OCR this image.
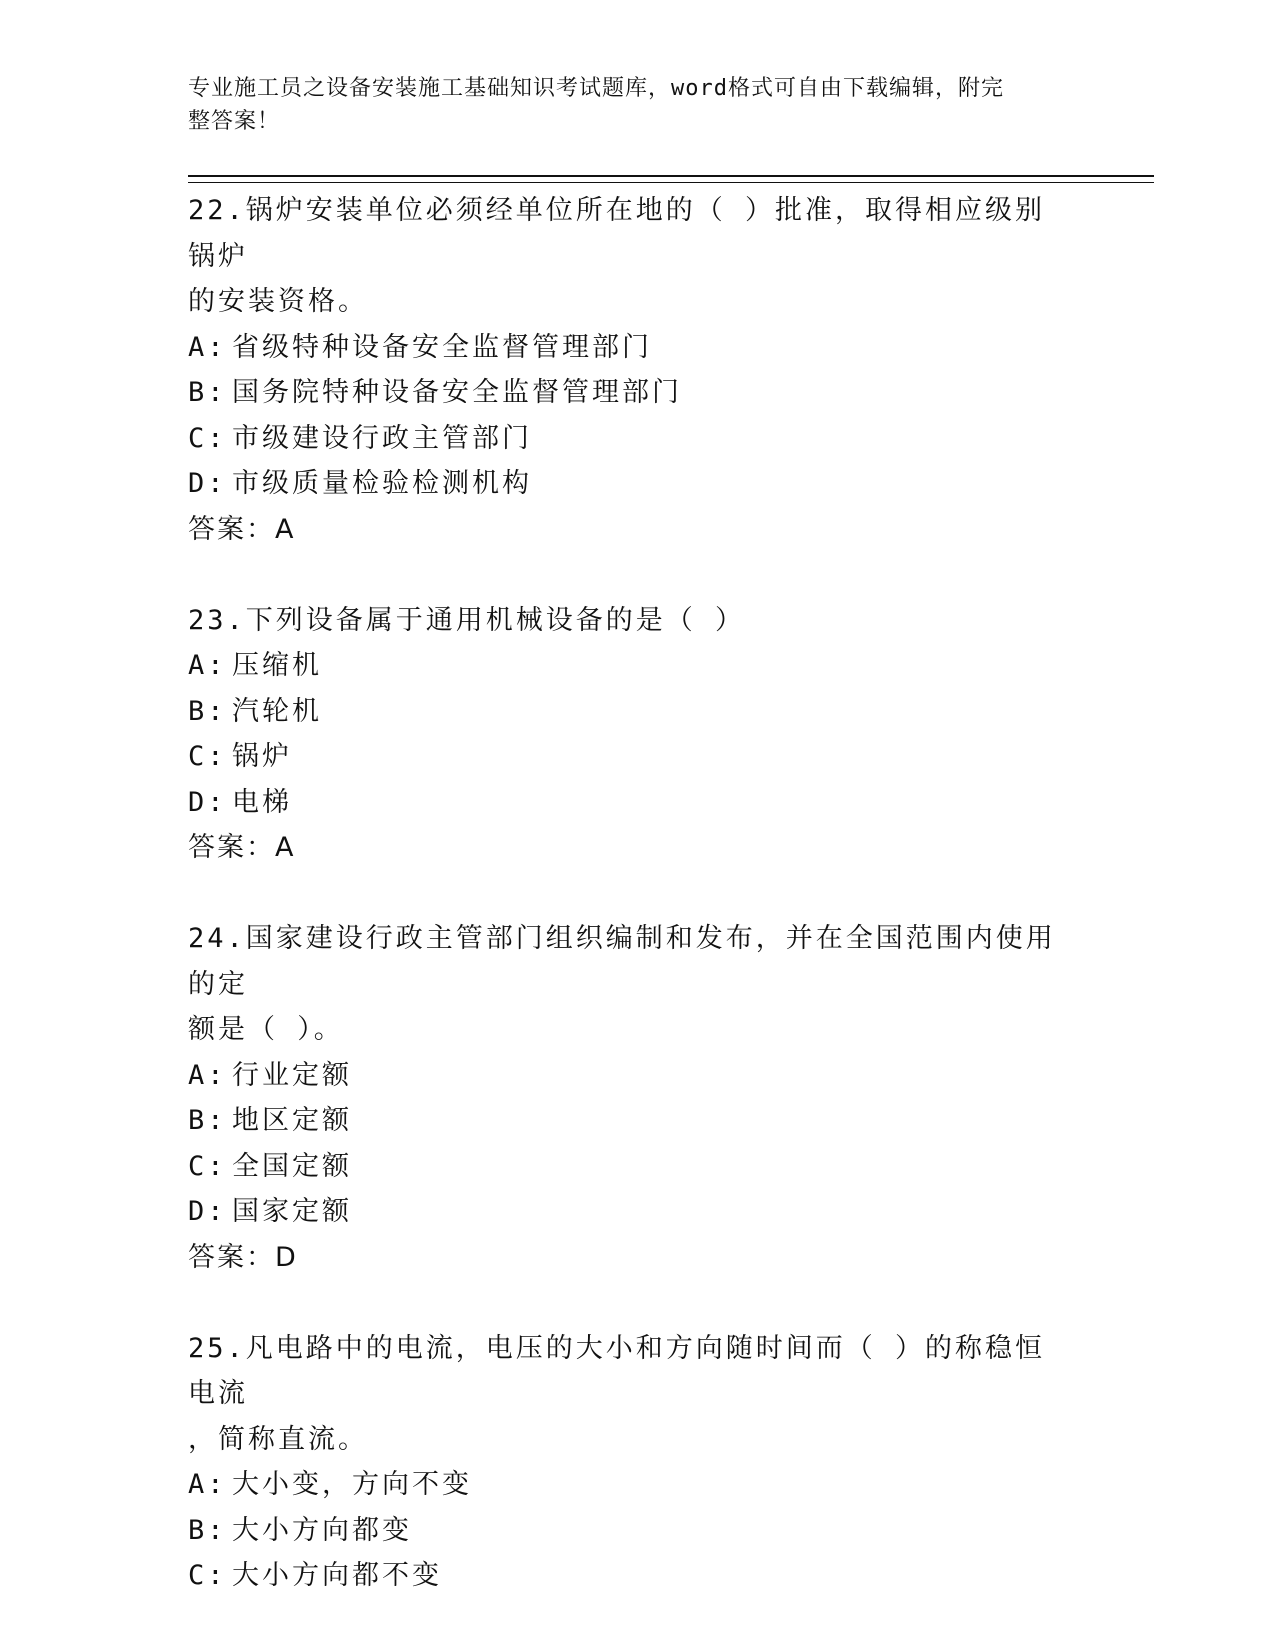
专业施工员之设备安装施工基础知识考试题库，word格式可自由下载编辑，附完
整答案！
22.锅炉安装单位必须经单位所在地的（ ）批准，取得相应级别锅炉
的安装资格。
A: 省级特种设备安全监督管理部门
B: 国务院特种设备安全监督管理部门
C: 市级建设行政主管部门
D: 市级质量检验检测机构
答案：A
23.下列设备属于通用机械设备的是（ ）
A: 压缩机
B: 汽轮机
C: 锅炉
D: 电梯
答案：A
24.国家建设行政主管部门组织编制和发布，并在全国范围内使用的定
额是（ ）。
A: 行业定额
B: 地区定额
C: 全国定额
D: 国家定额
答案：D
25.凡电路中的电流，电压的大小和方向随时间而（ ）的称稳恒电流
，简称直流。
A: 大小变，方向不变
B: 大小方向都变
C: 大小方向都不变
